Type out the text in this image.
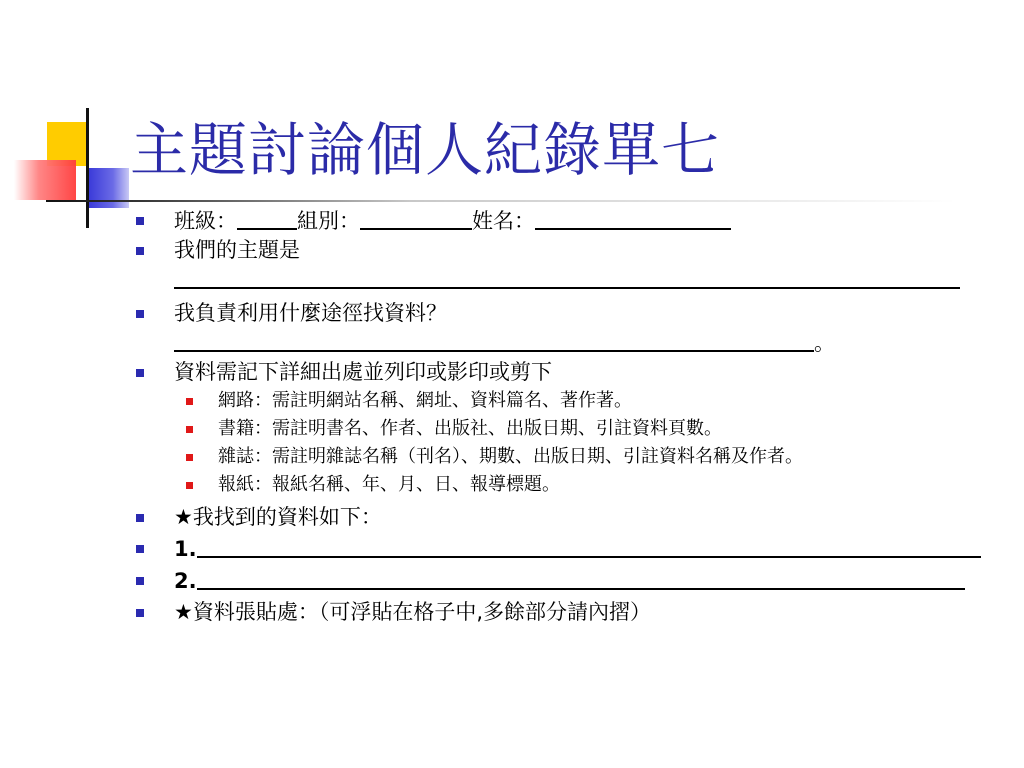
主題討論個人紀錄單七
班級：	組別：	姓名：
我們的主題是

我負責利用什麼途徑找資料？
。
資料需記下詳細出處並列印或影印或剪下
網路：需註明網站名稱、網址、資料篇名、著作著。
書籍：需註明書名、作者、出版社、出版日期、引註資料頁數。
雜誌：需註明雜誌名稱（刊名）、期數、出版日期、引註資料名稱及作者。
報紙：報紙名稱、年、月、日、報導標題。
★我找到的資料如下：
1.
2.
★資料張貼處：（可浮貼在格子中,多餘部分請內摺）
